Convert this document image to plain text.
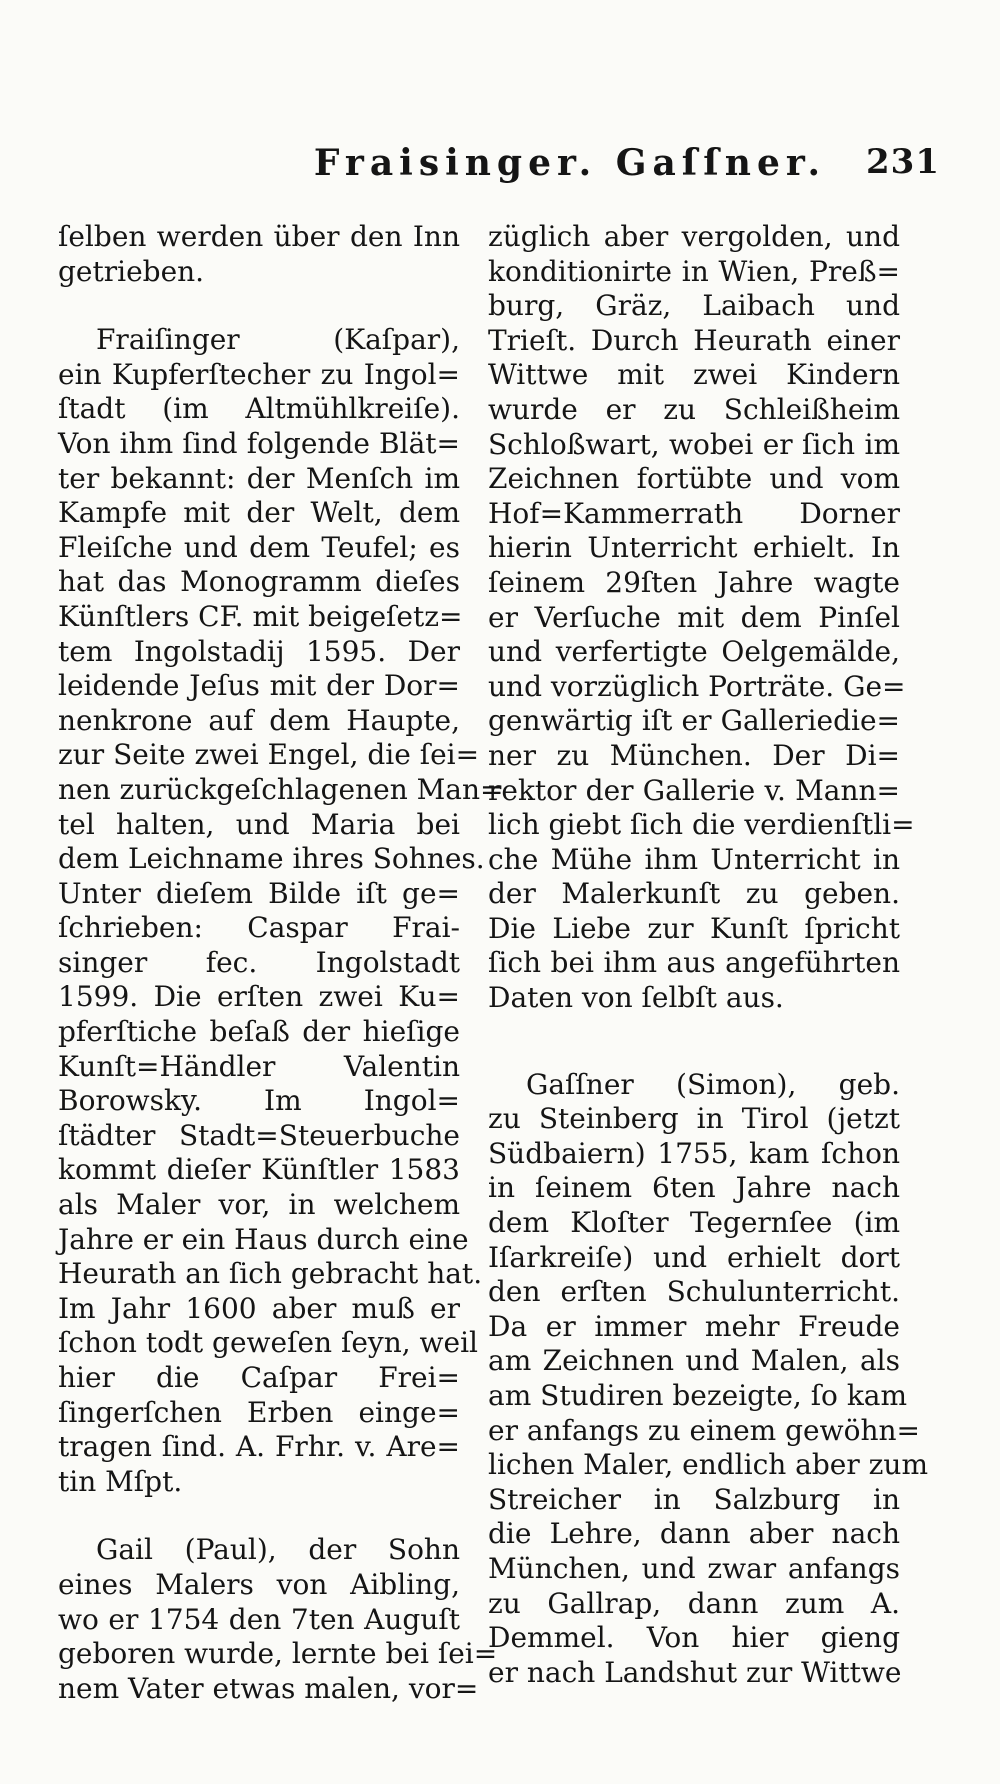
Fraisinger. Gaſſner.	231
ſelben werden über den Inn
getrieben.
Fraiſinger (Kaſpar),
ein Kupferſtecher zu Ingol=
ſtadt (im Altmühlkreiſe).
Von ihm ſind folgende Blät=
ter bekannt: der Menſch im
Kampfe mit der Welt, dem
Fleiſche und dem Teufel; es
hat das Monogramm dieſes
Künſtlers CF. mit beigeſetz=
tem Ingolstadij 1595. Der
leidende Jeſus mit der Dor=
nenkrone auf dem Haupte,
zur Seite zwei Engel, die ſei=
nen zurückgeſchlagenen Man=
tel halten, und Maria bei
dem Leichname ihres Sohnes.
Unter dieſem Bilde iſt ge=
ſchrieben: Caspar Frai-
singer fec. Ingolstadt
1599. Die erſten zwei Ku=
pferſtiche beſaß der hieſige
Kunſt=Händler Valentin
Borowsky. Im Ingol=
ſtädter Stadt=Steuerbuche
kommt dieſer Künſtler 1583
als Maler vor, in welchem
Jahre er ein Haus durch eine
Heurath an ſich gebracht hat.
Im Jahr 1600 aber muß er
ſchon todt geweſen ſeyn, weil
hier die Caſpar Frei=
ſingerſchen Erben einge=
tragen ſind. A. Frhr. v. Are=
tin Mſpt.
Gail (Paul), der Sohn
eines Malers von Aibling,
wo er 1754 den 7ten Auguſt
geboren wurde, lernte bei ſei=
nem Vater etwas malen, vor=
züglich aber vergolden, und
konditionirte in Wien, Preß=
burg, Gräz, Laibach und
Trieſt. Durch Heurath einer
Wittwe mit zwei Kindern
wurde er zu Schleißheim
Schloßwart, wobei er ſich im
Zeichnen fortübte und vom
Hof=Kammerrath Dorner
hierin Unterricht erhielt. In
ſeinem 29ſten Jahre wagte
er Verſuche mit dem Pinſel
und verfertigte Oelgemälde,
und vorzüglich Porträte. Ge=
genwärtig iſt er Galleriedie=
ner zu München. Der Di=
rektor der Gallerie v. Mann=
lich giebt ſich die verdienſtli=
che Mühe ihm Unterricht in
der Malerkunſt zu geben.
Die Liebe zur Kunſt ſpricht
ſich bei ihm aus angeführten
Daten von ſelbſt aus.
Gaſſner (Simon), geb.
zu Steinberg in Tirol (jetzt
Südbaiern) 1755, kam ſchon
in ſeinem 6ten Jahre nach
dem Kloſter Tegernſee (im
Iſarkreiſe) und erhielt dort
den erſten Schulunterricht.
Da er immer mehr Freude
am Zeichnen und Malen, als
am Studiren bezeigte, ſo kam
er anfangs zu einem gewöhn=
lichen Maler, endlich aber zum
Streicher in Salzburg in
die Lehre, dann aber nach
München, und zwar anfangs
zu Gallrap, dann zum A.
Demmel. Von hier gieng
er nach Landshut zur Wittwe
